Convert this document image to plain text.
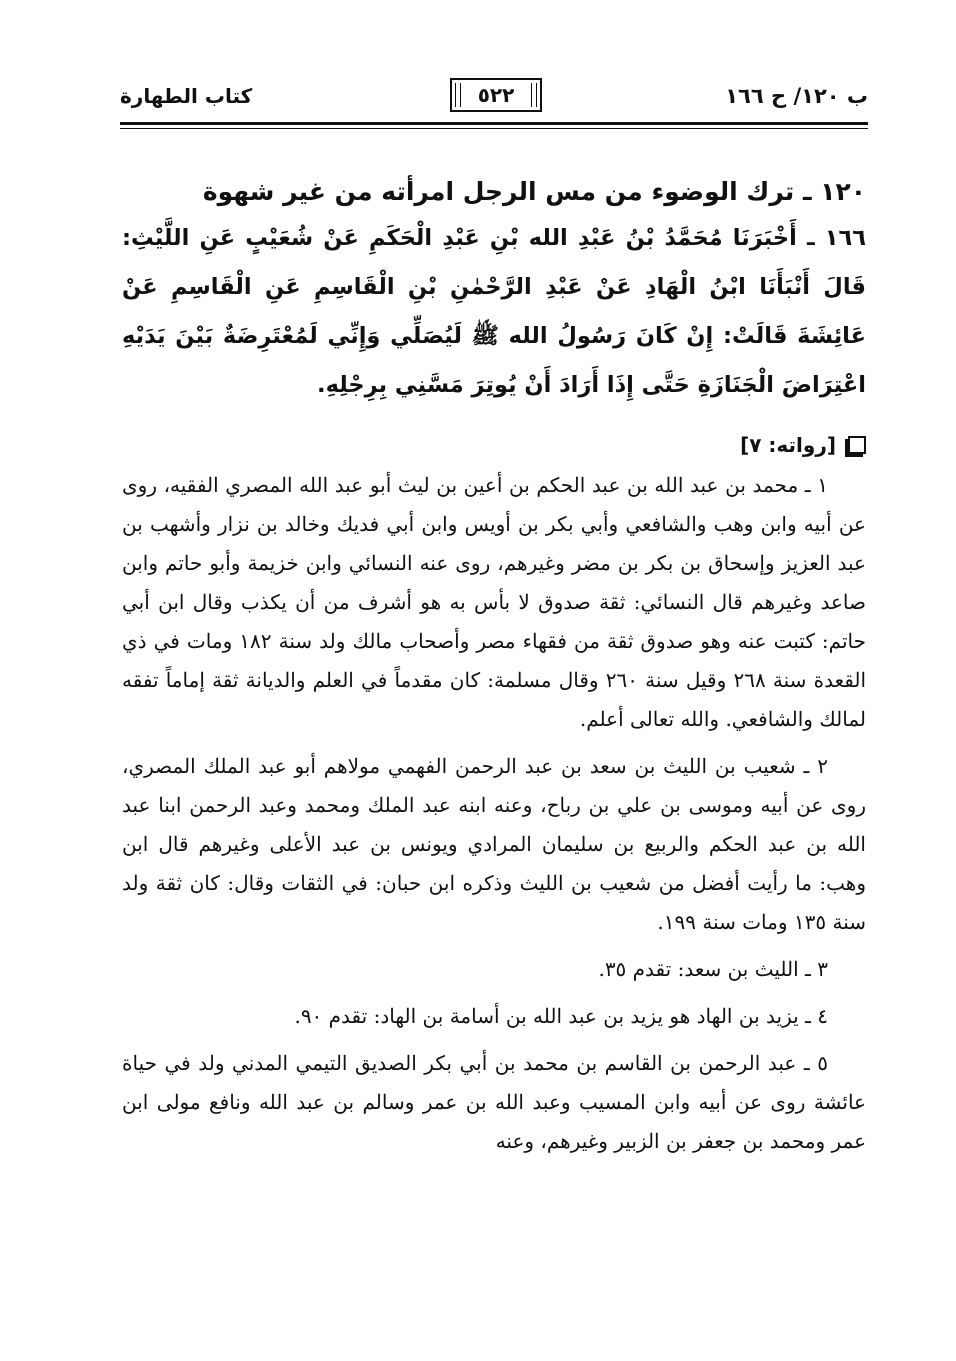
ب ١٢٠/ ح ١٦٦
٥٢٢
كتاب الطهارة
١٢٠ ـ ترك الوضوء من مس الرجل امرأته من غير شهوة

١٦٦ ـ أَخْبَرَنَا مُحَمَّدُ بْنُ عَبْدِ الله بْنِ عَبْدِ الْحَكَمِ عَنْ شُعَيْبٍ عَنِ اللَّيْثِ: قَالَ أَنْبَأَنَا ابْنُ الْهَادِ عَنْ عَبْدِ الرَّحْمٰنِ بْنِ الْقَاسِمِ عَنِ الْقَاسِمِ عَنْ عَائِشَةَ قَالَتْ: إِنْ كَانَ رَسُولُ الله ﷺ لَيُصَلِّي وَإِنِّي لَمُعْتَرِضَةٌ بَيْنَ يَدَيْهِ اعْتِرَاضَ الْجَنَازَةِ حَتَّى إِذَا أَرَادَ أَنْ يُوتِرَ مَسَّنِي بِرِجْلِهِ.

[رواته: ٧]

١ ـ محمد بن عبد الله بن عبد الحكم بن أعين بن ليث أبو عبد الله المصري الفقيه، روى عن أبيه وابن وهب والشافعي وأبي بكر بن أويس وابن أبي فديك وخالد بن نزار وأشهب بن عبد العزيز وإسحاق بن بكر بن مضر وغيرهم، روى عنه النسائي وابن خزيمة وأبو حاتم وابن صاعد وغيرهم قال النسائي: ثقة صدوق لا بأس به هو أشرف من أن يكذب وقال ابن أبي حاتم: كتبت عنه وهو صدوق ثقة من فقهاء مصر وأصحاب مالك ولد سنة ١٨٢ ومات في ذي القعدة سنة ٢٦٨ وقيل سنة ٢٦٠ وقال مسلمة: كان مقدماً في العلم والديانة ثقة إماماً تفقه لمالك والشافعي. والله تعالى أعلم.

٢ ـ شعيب بن الليث بن سعد بن عبد الرحمن الفهمي مولاهم أبو عبد الملك المصري، روى عن أبيه وموسى بن علي بن رباح، وعنه ابنه عبد الملك ومحمد وعبد الرحمن ابنا عبد الله بن عبد الحكم والربيع بن سليمان المرادي ويونس بن عبد الأعلى وغيرهم قال ابن وهب: ما رأيت أفضل من شعيب بن الليث وذكره ابن حبان: في الثقات وقال: كان ثقة ولد سنة ١٣٥ ومات سنة ١٩٩.

٣ ـ الليث بن سعد: تقدم ٣٥.

٤ ـ يزيد بن الهاد هو يزيد بن عبد الله بن أسامة بن الهاد: تقدم ٩٠.

٥ ـ عبد الرحمن بن القاسم بن محمد بن أبي بكر الصديق التيمي المدني ولد في حياة عائشة روى عن أبيه وابن المسيب وعبد الله بن عمر وسالم بن عبد الله ونافع مولى ابن عمر ومحمد بن جعفر بن الزبير وغيرهم، وعنه
